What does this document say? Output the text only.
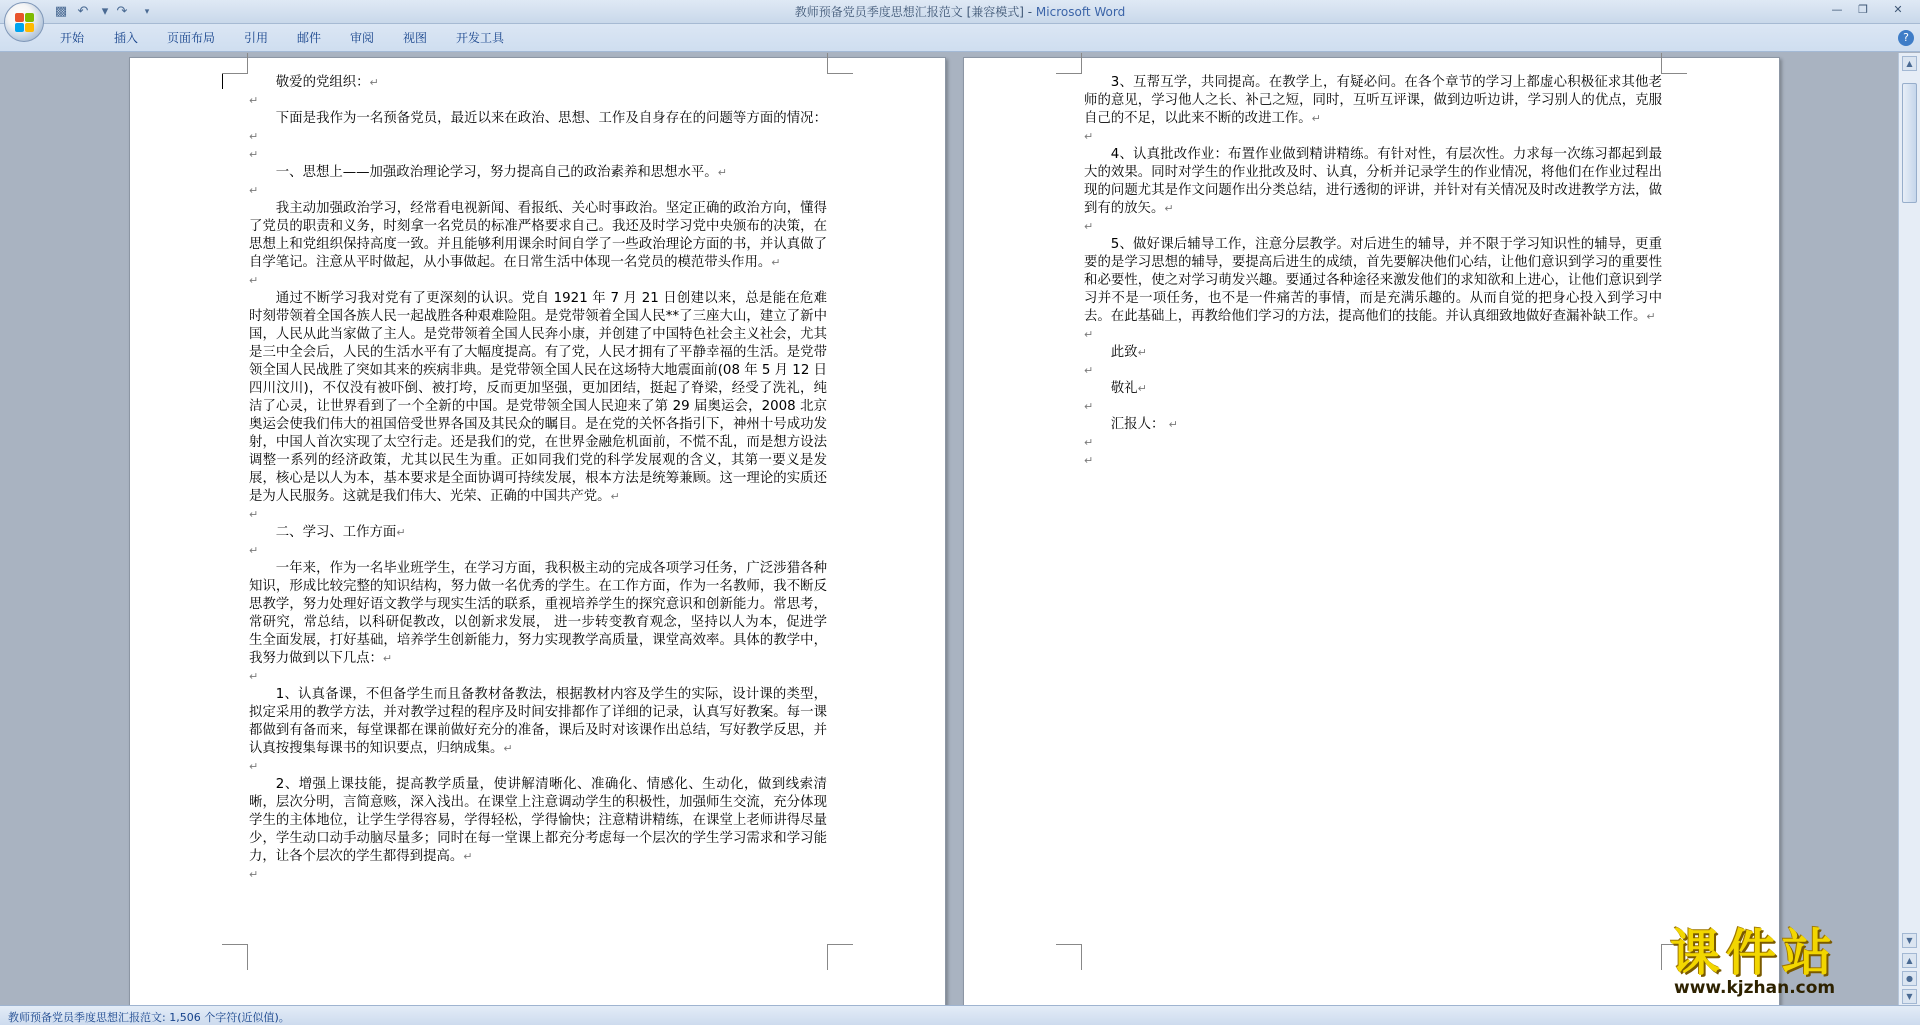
▩ ↶	▾ ↷	▾	教师预备党员季度思想汇报范文 [兼容模式] - Microsoft Word	—	❐	✕
开始 插入 页面布局 引用 邮件 审阅 视图 开发工具	?
敬爱的党组织：↵
↵
下面是我作为一名预备党员，最近以来在政治、思想、工作及自身存在的问题等方面的情况：↵
↵
一、思想上——加强政治理论学习，努力提高自己的政治素养和思想水平。↵
↵
我主动加强政治学习，经常看电视新闻、看报纸、关心时事政治。坚定正确的政治方向，懂得了党员的职责和义务，时刻拿一名党员的标准严格要求自己。我还及时学习党中央颁布的决策，在思想上和党组织保持高度一致。并且能够利用课余时间自学了一些政治理论方面的书，并认真做了自学笔记。注意从平时做起，从小事做起。在日常生活中体现一名党员的模范带头作用。↵
↵
通过不断学习我对党有了更深刻的认识。党自 1921 年 7 月 21 日创建以来，总是能在危难时刻带领着全国各族人民一起战胜各种艰难险阻。是党带领着全国人民**了三座大山，建立了新中国，人民从此当家做了主人。是党带领着全国人民奔小康，并创建了中国特色社会主义社会，尤其是三中全会后，人民的生活水平有了大幅度提高。有了党，人民才拥有了平静幸福的生活。是党带领全国人民战胜了突如其来的疾病非典。是党带领全国人民在这场特大地震面前(08 年 5 月 12 日四川汶川)，不仅没有被吓倒、被打垮，反而更加坚强，更加团结，挺起了脊梁，经受了洗礼，纯洁了心灵，让世界看到了一个全新的中国。是党带领全国人民迎来了第 29 届奥运会，2008 北京奥运会使我们伟大的祖国倍受世界各国及其民众的瞩目。是在党的关怀各指引下，神州十号成功发射，中国人首次实现了太空行走。还是我们的党，在世界金融危机面前，不慌不乱，而是想方设法调整一系列的经济政策，尤其以民生为重。正如同我们党的科学发展观的含义，其第一要义是发展，核心是以人为本，基本要求是全面协调可持续发展，根本方法是统筹兼顾。这一理论的实质还是为人民服务。这就是我们伟大、光荣、正确的中国共产党。↵
↵
二、学习、工作方面↵
↵
一年来，作为一名毕业班学生，在学习方面，我积极主动的完成各项学习任务，广泛涉猎各种知识，形成比较完整的知识结构，努力做一名优秀的学生。在工作方面，作为一名教师，我不断反思教学，努力处理好语文教学与现实生活的联系，重视培养学生的探究意识和创新能力。常思考，常研究，常总结，以科研促教改，以创新求发展， 进一步转变教育观念，坚持以人为本，促进学生全面发展，打好基础，培养学生创新能力，努力实现教学高质量，课堂高效率。具体的教学中，我努力做到以下几点：↵
↵
1、认真备课，不但备学生而且备教材备教法，根据教材内容及学生的实际，设计课的类型，拟定采用的教学方法，并对教学过程的程序及时间安排都作了详细的记录，认真写好教案。每一课都做到有备而来，每堂课都在课前做好充分的准备，课后及时对该课作出总结，写好教学反思，并认真按搜集每课书的知识要点，归纳成集。↵
↵
2、增强上课技能，提高教学质量，使讲解清晰化、准确化、情感化、生动化，做到线索清晰，层次分明，言简意赅，深入浅出。在课堂上注意调动学生的积极性，加强师生交流，充分体现学生的主体地位，让学生学得容易，学得轻松，学得愉快；注意精讲精练，在课堂上老师讲得尽量少，学生动口动手动脑尽量多；同时在每一堂课上都充分考虑每一个层次的学生学习需求和学习能力，让各个层次的学生都得到提高。↵
↵
3、互帮互学，共同提高。在教学上，有疑必问。在各个章节的学习上都虚心积极征求其他老师的意见，学习他人之长、补己之短，同时，互听互评课，做到边听边讲，学习别人的优点，克服自己的不足，以此来不断的改进工作。↵
↵
4、认真批改作业：布置作业做到精讲精练。有针对性，有层次性。力求每一次练习都起到最大的效果。同时对学生的作业批改及时、认真，分析并记录学生的作业情况，将他们在作业过程出现的问题尤其是作文问题作出分类总结，进行透彻的评讲，并针对有关情况及时改进教学方法，做到有的放矢。↵
↵
5、做好课后辅导工作，注意分层教学。对后进生的辅导，并不限于学习知识性的辅导，更重要的是学习思想的辅导，要提高后进生的成绩，首先要解决他们心结，让他们意识到学习的重要性和必要性，使之对学习萌发兴趣。要通过各种途径来激发他们的求知欲和上进心，让他们意识到学习并不是一项任务，也不是一件痛苦的事情，而是充满乐趣的。从而自觉的把身心投入到学习中去。在此基础上，再教给他们学习的方法，提高他们的技能。并认真细致地做好查漏补缺工作。↵
↵
此致↵
↵
敬礼↵
↵
汇报人： ↵
↵
↵
▲
▼
▲
●
▼
课件站
www.kjzhan.com
教师预备党员季度思想汇报范文: 1,506 个字符(近似值)。
